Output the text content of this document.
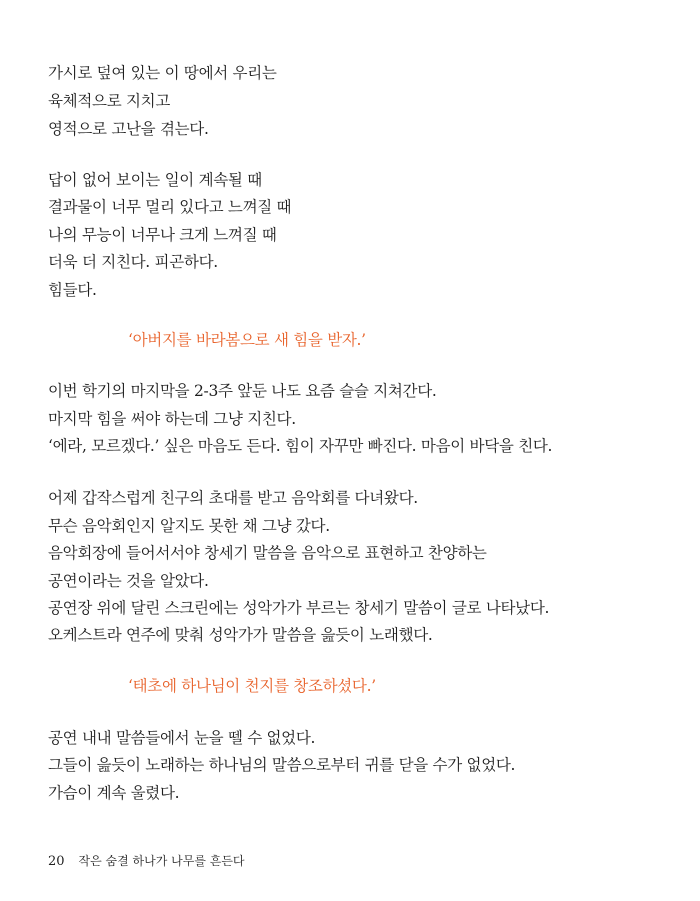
가시로 덮여 있는 이 땅에서 우리는
육체적으로 지치고
영적으로 고난을 겪는다.
답이 없어 보이는 일이 계속될 때
결과물이 너무 멀리 있다고 느껴질 때
나의 무능이 너무나 크게 느껴질 때
더욱 더 지친다. 피곤하다.
힘들다.
‘아버지를 바라봄으로 새 힘을 받자.’
이번 학기의 마지막을 2-3주 앞둔 나도 요즘 슬슬 지쳐간다.
마지막 힘을 써야 하는데 그냥 지친다.
‘에라, 모르겠다.’ 싶은 마음도 든다. 힘이 자꾸만 빠진다. 마음이 바닥을 친다.
어제 갑작스럽게 친구의 초대를 받고 음악회를 다녀왔다.
무슨 음악회인지 알지도 못한 채 그냥 갔다.
음악회장에 들어서서야 창세기 말씀을 음악으로 표현하고 찬양하는
공연이라는 것을 알았다.
공연장 위에 달린 스크린에는 성악가가 부르는 창세기 말씀이 글로 나타났다.
오케스트라 연주에 맞춰 성악가가 말씀을 읊듯이 노래했다.
‘태초에 하나님이 천지를 창조하셨다.’
공연 내내 말씀들에서 눈을 뗄 수 없었다.
그들이 읊듯이 노래하는 하나님의 말씀으로부터 귀를 닫을 수가 없었다.
가슴이 계속 울렸다.
20 작은 숨결 하나가 나무를 흔든다
